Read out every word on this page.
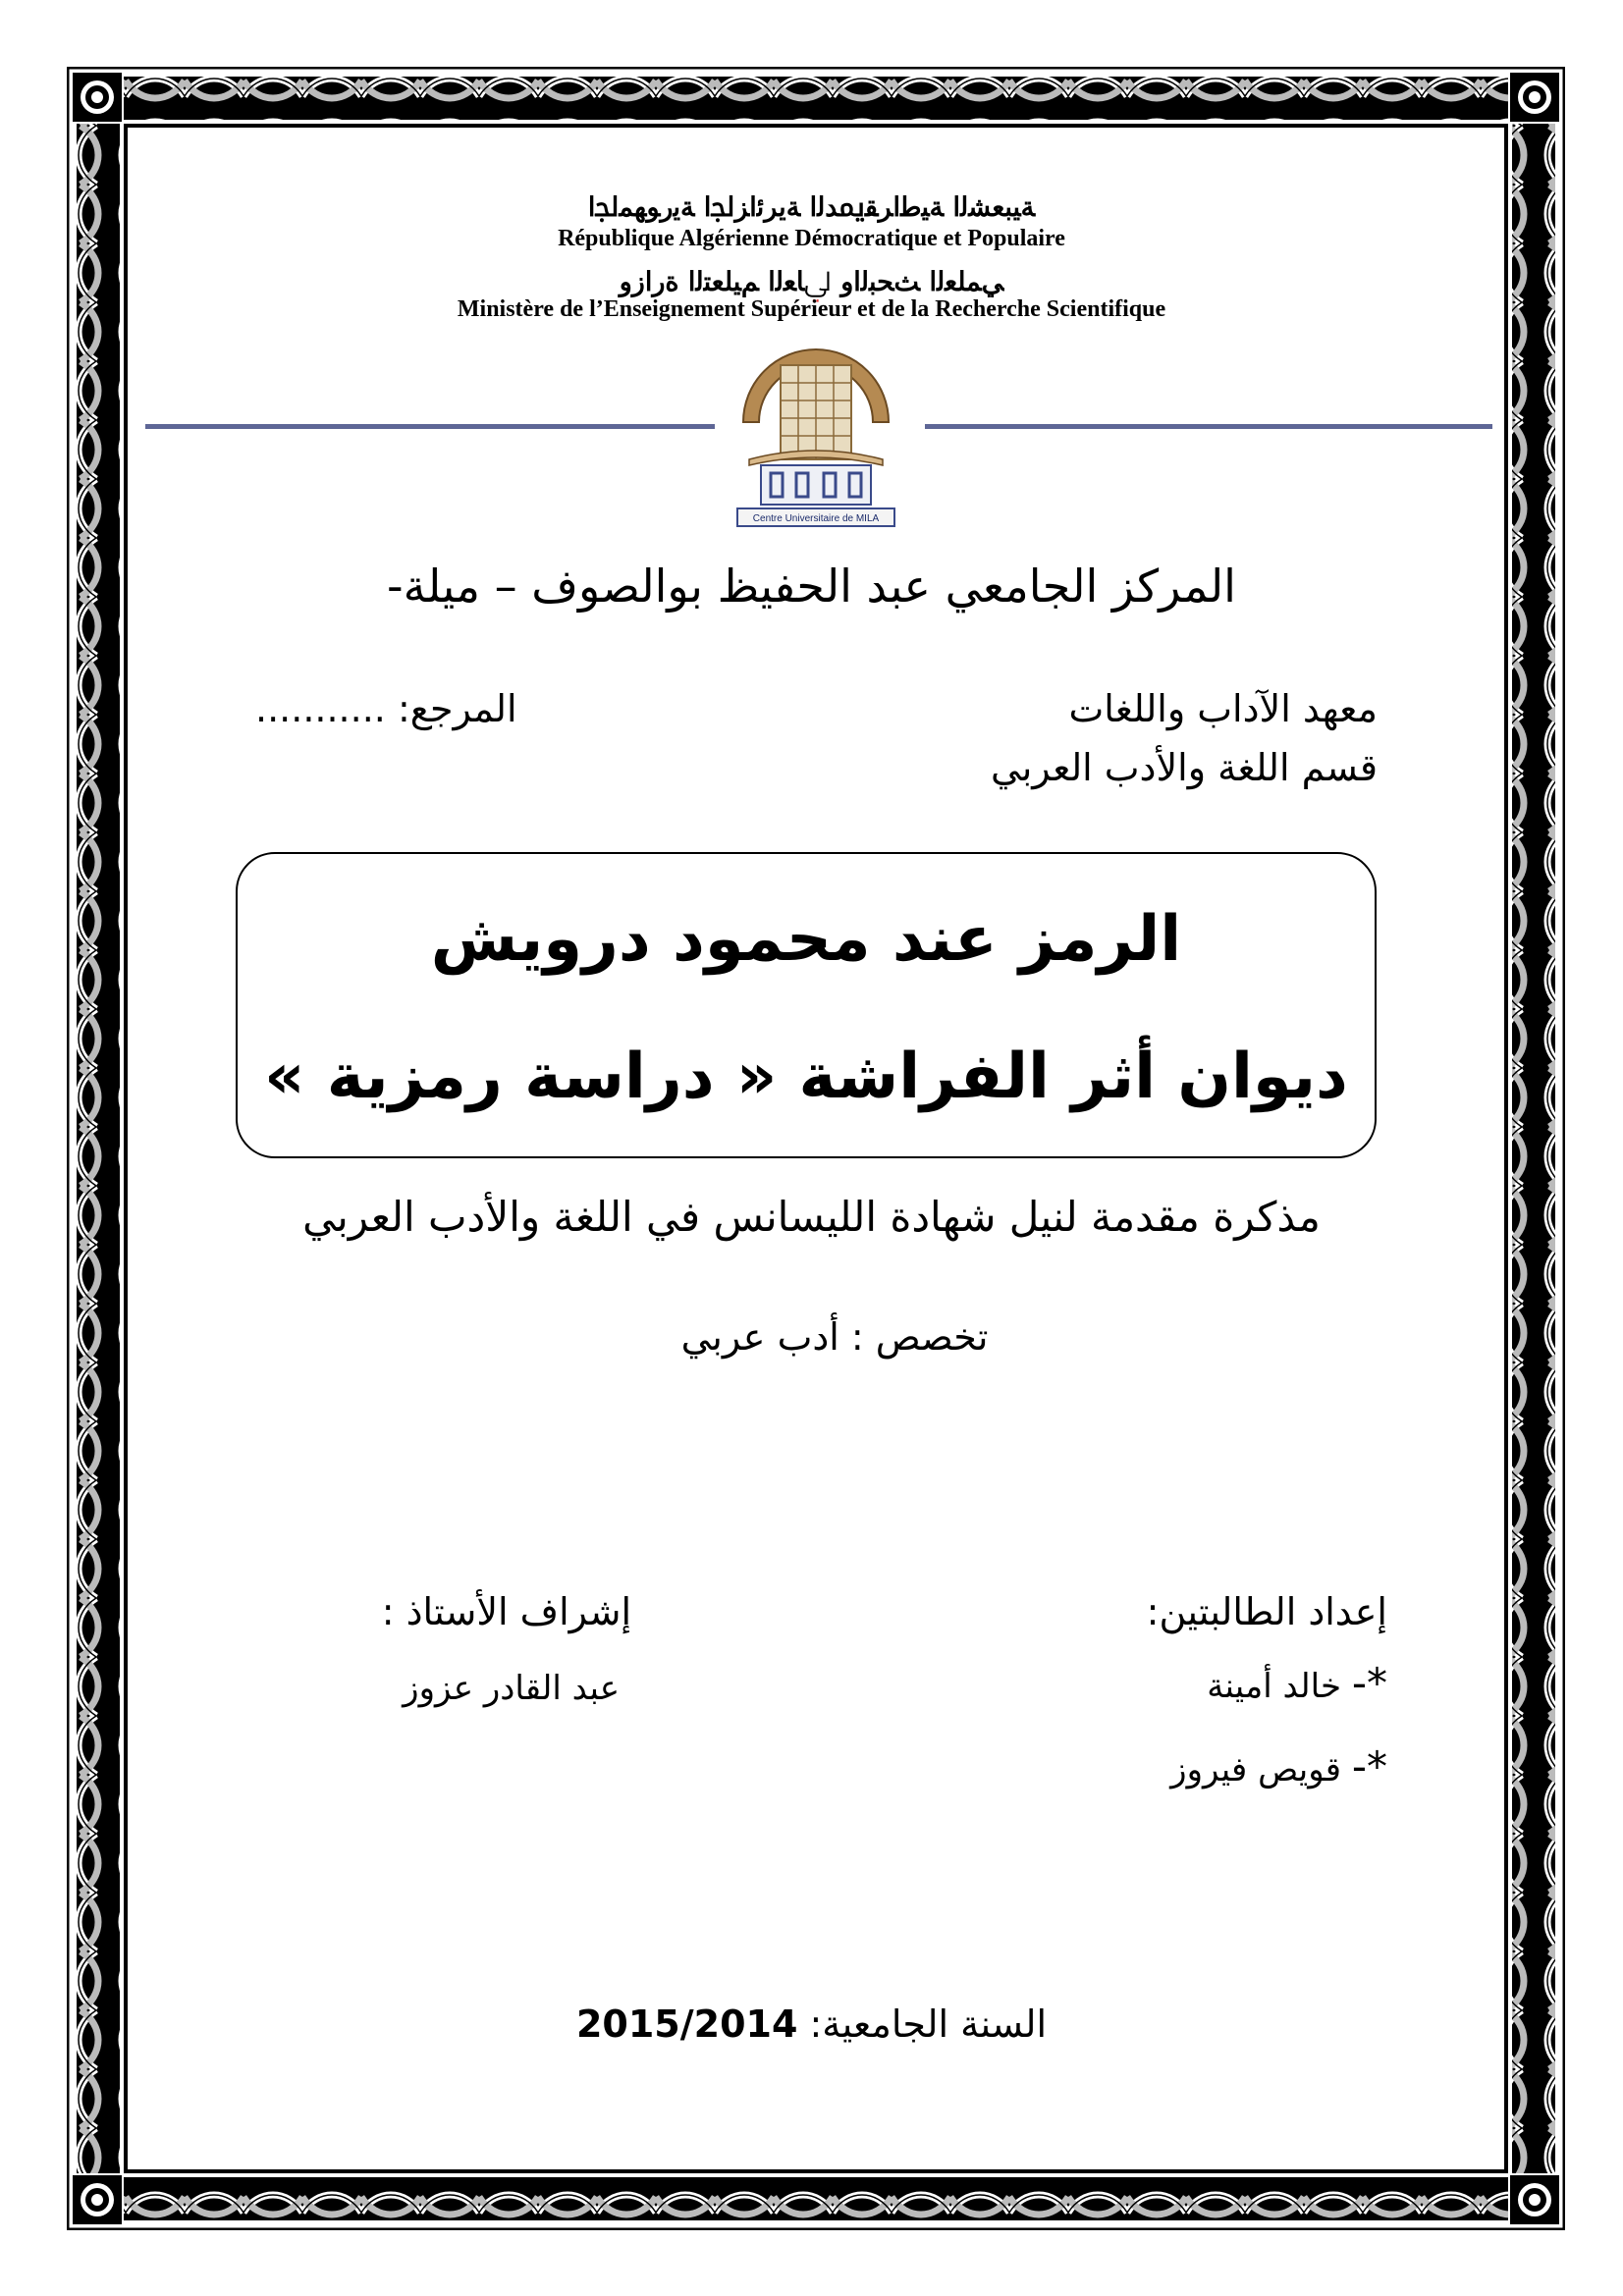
ﺔﻴﺒﻌﺸﻟﺍ ﺔﻴﻃﺍﺮﻘﳝﺪﻟﺍ ﺔﻳﺮﺋﺍﺰﳉﺍ ﺔﻳﺭﻮﻬﻤﳉﺍ
République Algérienne Démocratique et Populaire
ﻲﻤﻠﻌﻟﺍ ﺚﺤﺒﻟﺍﻭ ﱄﺎﻌﻟﺍ ﻢﻴﻠﻌﺘﻟﺍ ﺓﺭﺍﺯﻭ
Ministère de l’Enseignement Supérieur et de la Recherche Scientifique
Centre Universitaire de MILA
المركز الجامعي عبد الحفيظ بوالصوف – ميلة-
معهد الآداب واللغات
قسم اللغة والأدب العربي
المرجع: ...........
الرمز عند محمود درويش
ديوان أثر الفراشة « دراسة رمزية »
مذكرة مقدمة لنيل شهادة الليسانس في اللغة والأدب العربي
تخصص : أدب عربي
إعداد الطالبتين:
*- خالد أمينة
*- قويص فيروز
إشراف الأستاذ :
عبد القادر عزوز
السنة الجامعية: 2015/2014
